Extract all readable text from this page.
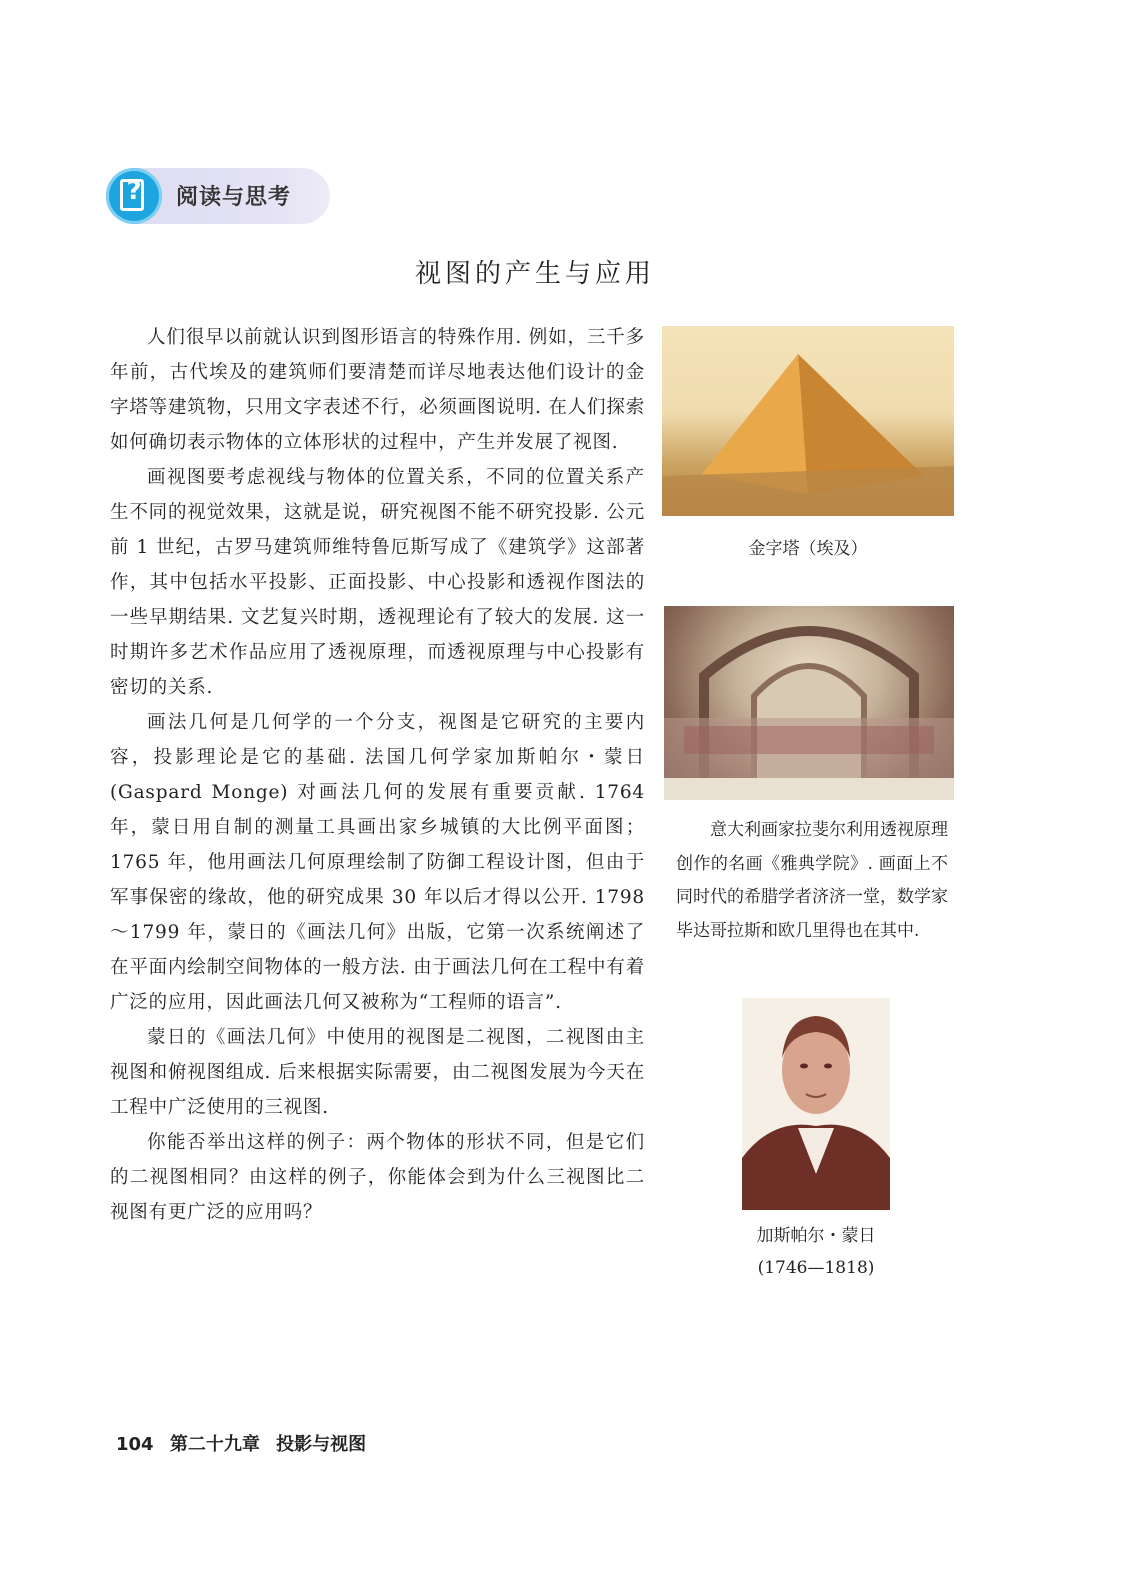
? 阅读与思考
视图的产生与应用

人们很早以前就认识到图形语言的特殊作用. 例如，三千多年前，古代埃及的建筑师们要清楚而详尽地表达他们设计的金字塔等建筑物，只用文字表述不行，必须画图说明. 在人们探索如何确切表示物体的立体形状的过程中，产生并发展了视图.

画视图要考虑视线与物体的位置关系，不同的位置关系产生不同的视觉效果，这就是说，研究视图不能不研究投影. 公元前 1 世纪，古罗马建筑师维特鲁厄斯写成了《建筑学》这部著作，其中包括水平投影、正面投影、中心投影和透视作图法的一些早期结果. 文艺复兴时期，透视理论有了较大的发展. 这一时期许多艺术作品应用了透视原理，而透视原理与中心投影有密切的关系.

画法几何是几何学的一个分支，视图是它研究的主要内容，投影理论是它的基础. 法国几何学家加斯帕尔・蒙日 (Gaspard Monge) 对画法几何的发展有重要贡献. 1764 年，蒙日用自制的测量工具画出家乡城镇的大比例平面图；1765 年，他用画法几何原理绘制了防御工程设计图，但由于军事保密的缘故，他的研究成果 30 年以后才得以公开. 1798～1799 年，蒙日的《画法几何》出版，它第一次系统阐述了在平面内绘制空间物体的一般方法. 由于画法几何在工程中有着广泛的应用，因此画法几何又被称为“工程师的语言”.

蒙日的《画法几何》中使用的视图是二视图，二视图由主视图和俯视图组成. 后来根据实际需要，由二视图发展为今天在工程中广泛使用的三视图.

你能否举出这样的例子：两个物体的形状不同，但是它们的二视图相同？由这样的例子，你能体会到为什么三视图比二视图有更广泛的应用吗？

金字塔（埃及）
意大利画家拉斐尔利用透视原理创作的名画《雅典学院》. 画面上不同时代的希腊学者济济一堂，数学家毕达哥拉斯和欧几里得也在其中.
加斯帕尔・蒙日
(1746—1818)
104 第二十九章 投影与视图
